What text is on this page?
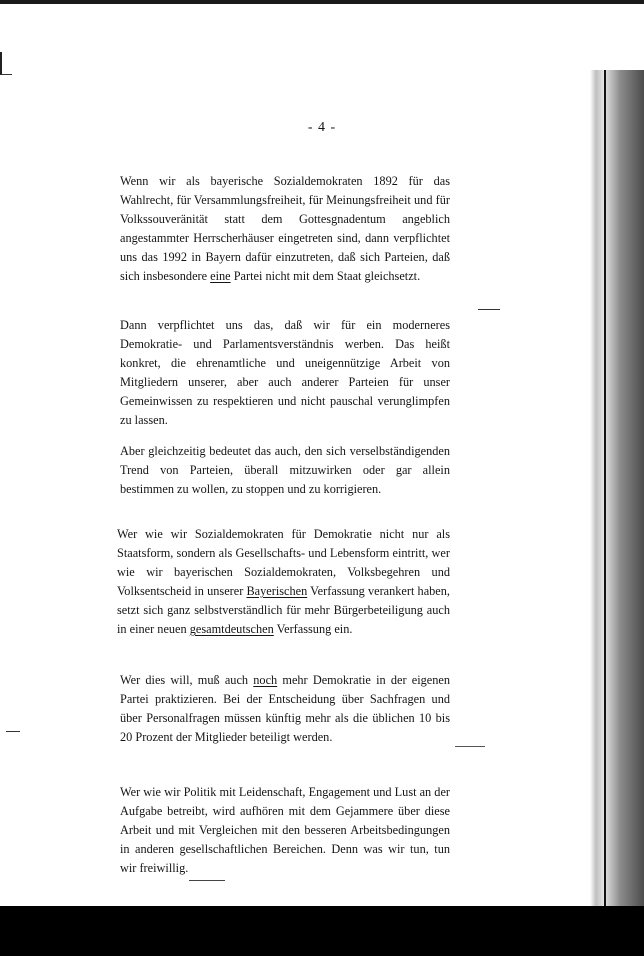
- 4 -

Wenn wir als bayerische Sozialdemokraten 1892 für das Wahlrecht, für Versammlungsfreiheit, für Meinungsfreiheit und für Volkssouveränität statt dem Gottesgnadentum angeblich angestammter Herrscherhäuser eingetreten sind, dann verpflichtet uns das 1992 in Bayern dafür einzutreten, daß sich Parteien, daß sich insbesondere eine Partei nicht mit dem Staat gleichsetzt.

Dann verpflichtet uns das, daß wir für ein moderneres Demokratie- und Parlamentsverständnis werben. Das heißt konkret, die ehrenamtliche und uneigennützige Arbeit von Mitgliedern unserer, aber auch anderer Parteien für unser Gemeinwissen zu respektieren und nicht pauschal verunglimpfen zu lassen.

Aber gleichzeitig bedeutet das auch, den sich verselbständigenden Trend von Parteien, überall mitzuwirken oder gar allein bestimmen zu wollen, zu stoppen und zu korrigieren.

Wer wie wir Sozialdemokraten für Demokratie nicht nur als Staatsform, sondern als Gesellschafts- und Lebensform eintritt, wer wie wir bayerischen Sozialdemokraten, Volksbegehren und Volksentscheid in unserer Bayerischen Verfassung verankert haben, setzt sich ganz selbstverständlich für mehr Bürgerbeteiligung auch in einer neuen gesamtdeutschen Verfassung ein.

Wer dies will, muß auch noch mehr Demokratie in der eigenen Partei praktizieren. Bei der Entscheidung über Sachfragen und über Personalfragen müssen künftig mehr als die üblichen 10 bis 20 Prozent der Mitglieder beteiligt werden.

Wer wie wir Politik mit Leidenschaft, Engagement und Lust an der Aufgabe betreibt, wird aufhören mit dem Gejammere über diese Arbeit und mit Vergleichen mit den besseren Arbeitsbedingungen in anderen gesellschaftlichen Bereichen. Denn was wir tun, tun wir freiwillig.
